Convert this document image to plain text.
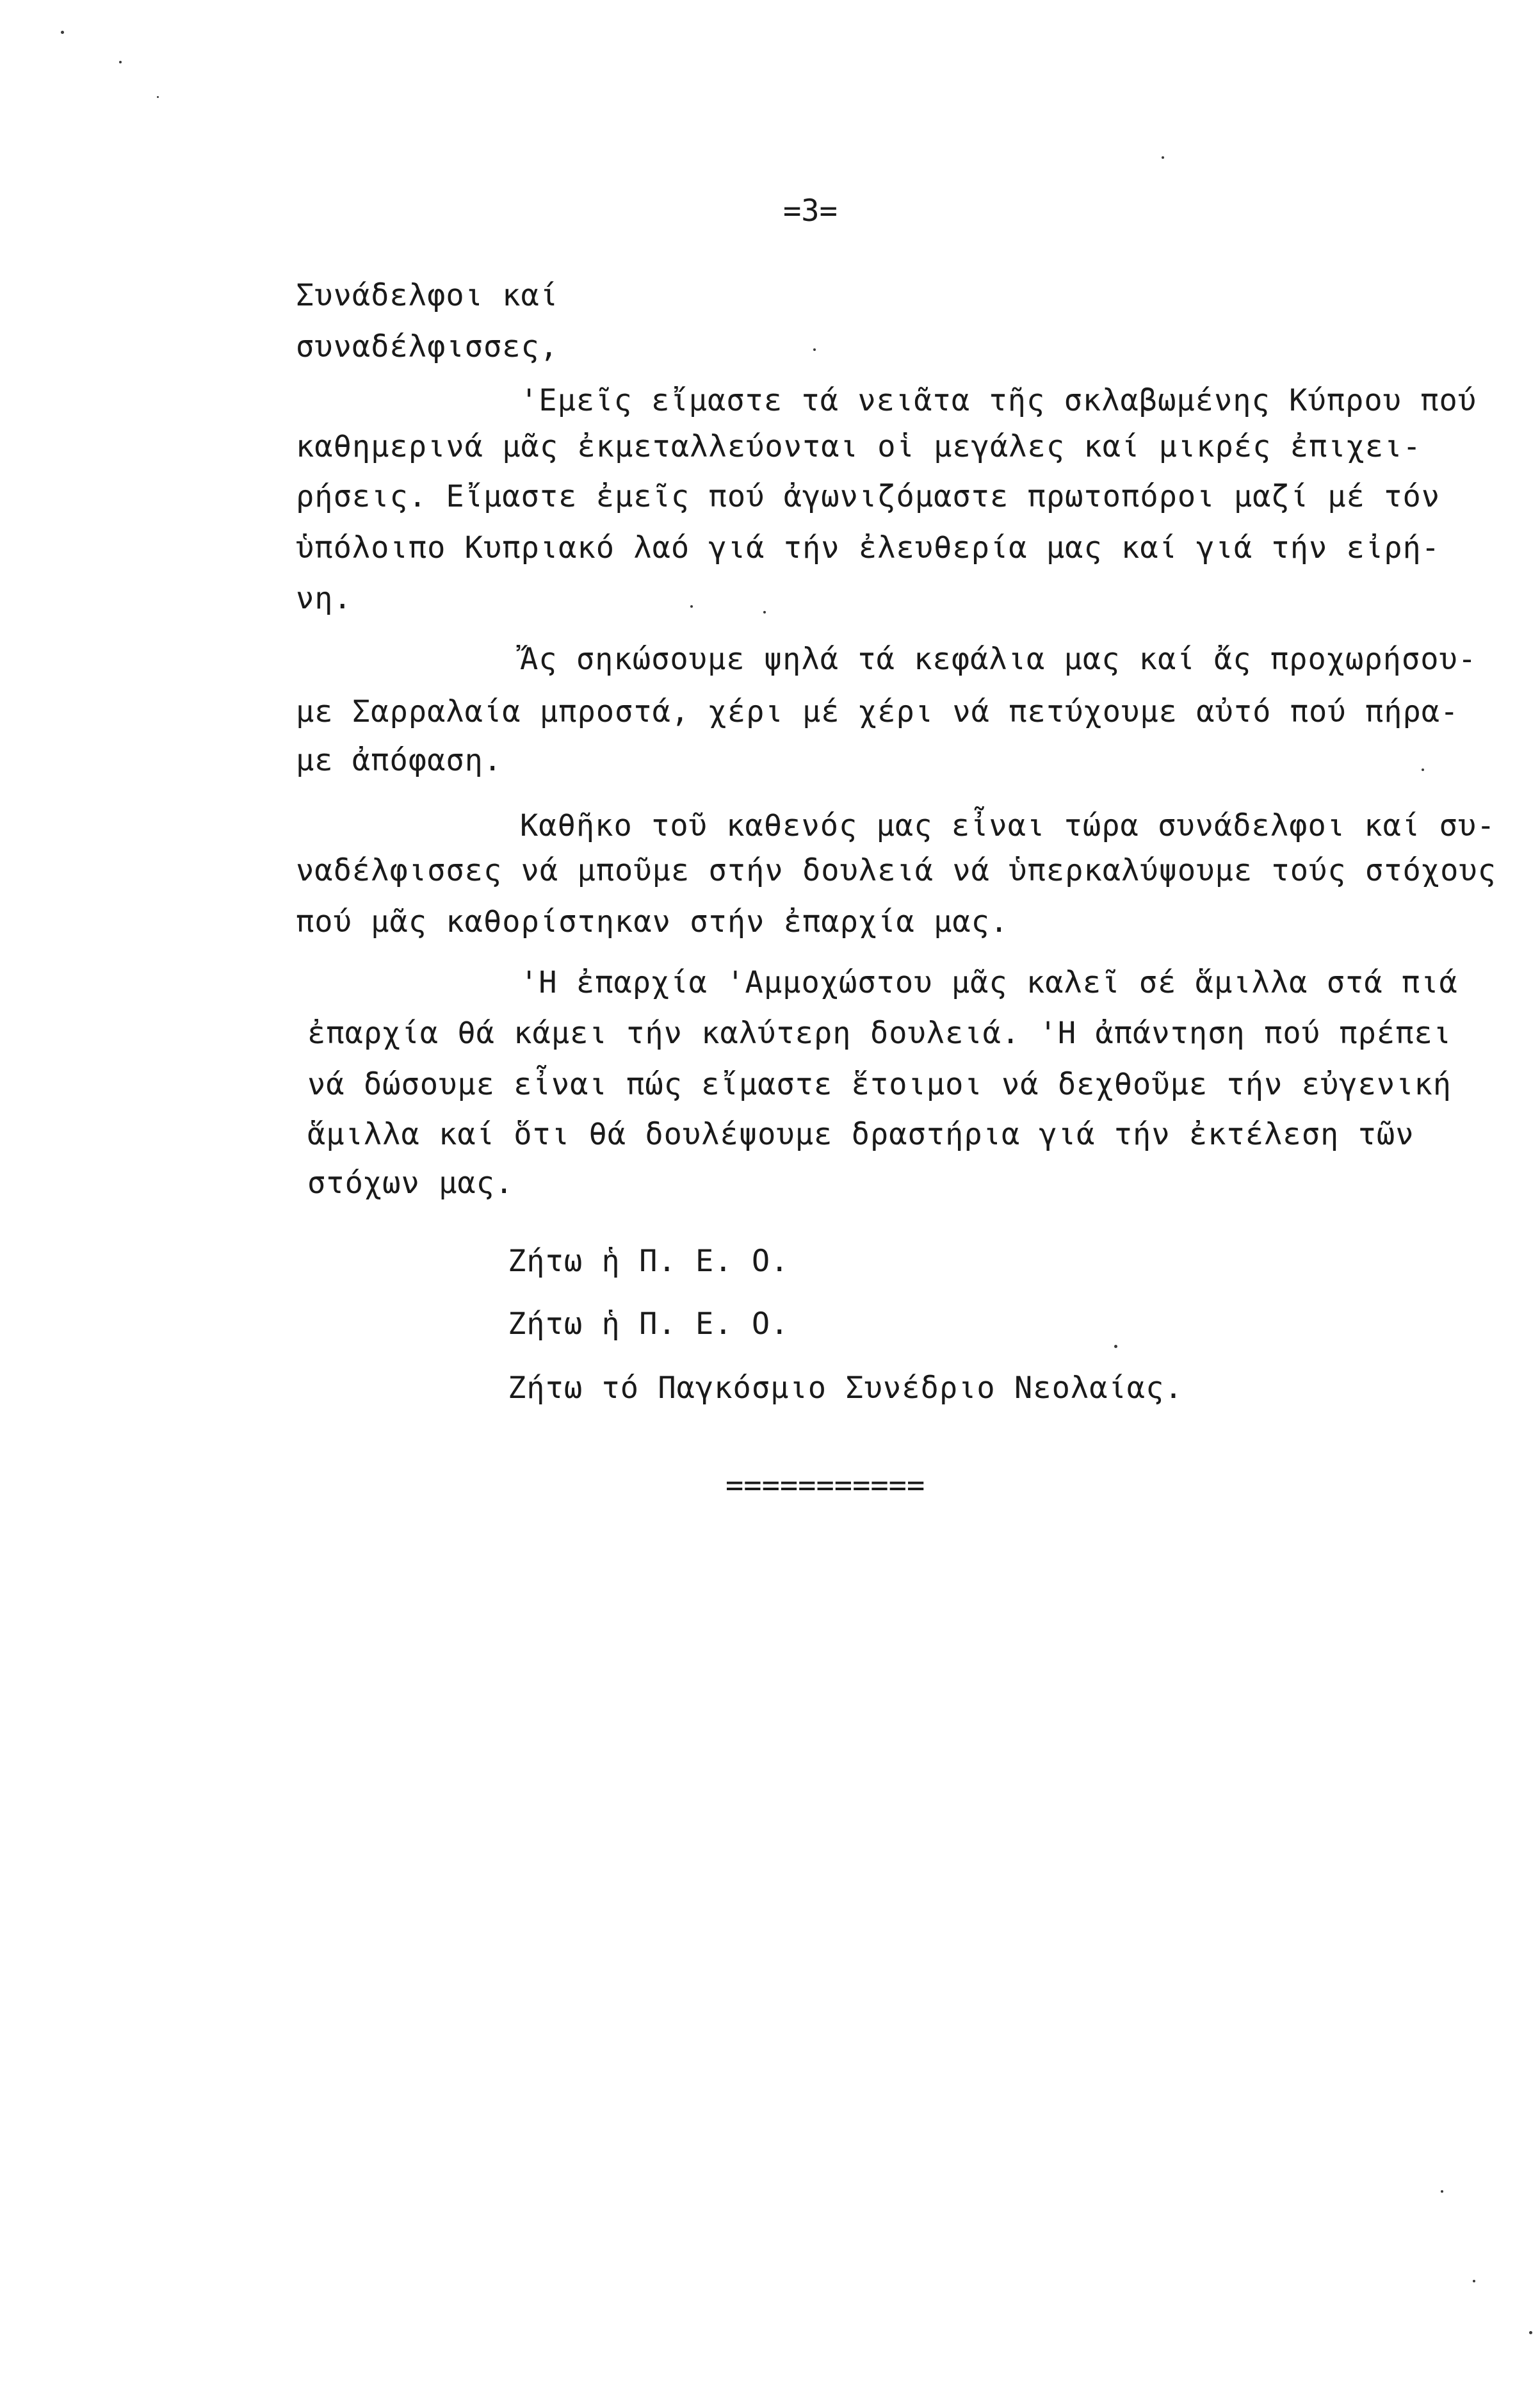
=3=
Συνάδελφοι καί
συναδέλφισσες,
'Εμεῖς εἴμαστε τά νειᾶτα τῆς σκλαβωμένης Κύπρου πού
καθημερινά μᾶς ἐκμεταλλεύονται οἱ μεγάλες καί μικρές ἐπιχει-
ρήσεις. Εἴμαστε ἐμεῖς πού ἀγωνιζόμαστε πρωτοπόροι μαζί μέ τόν
ὑπόλοιπο Κυπριακό λαό γιά τήν ἐλευθερία μας καί γιά τήν εἰρή-
νη.
Ἄς σηκώσουμε ψηλά τά κεφάλια μας καί ἄς προχωρήσου-
με Σαρραλαία μπροστά, χέρι μέ χέρι νά πετύχουμε αὐτό πού πήρα-
με ἀπόφαση.
Καθῆκο τοῦ καθενός μας εἶναι τώρα συνάδελφοι καί συ-
ναδέλφισσες νά μποῦμε στήν δουλειά νά ὑπερκαλύψουμε τούς στόχους
πού μᾶς καθορίστηκαν στήν ἐπαρχία μας.
'Η ἐπαρχία 'Αμμοχώστου μᾶς καλεῖ σέ ἅμιλλα στά πιά
ἐπαρχία θά κάμει τήν καλύτερη δουλειά. 'Η ἀπάντηση πού πρέπει
νά δώσουμε εἶναι πώς εἴμαστε ἕτοιμοι νά δεχθοῦμε τήν εὐγενική
ἅμιλλα καί ὅτι θά δουλέψουμε δραστήρια γιά τήν ἐκτέλεση τῶν
στόχων μας.
Ζήτω ἡ Π. Ε. Ο.
Ζήτω ἡ Π. Ε. Ο.
Ζήτω τό Παγκόσμιο Συνέδριο Νεολαίας.
===========
